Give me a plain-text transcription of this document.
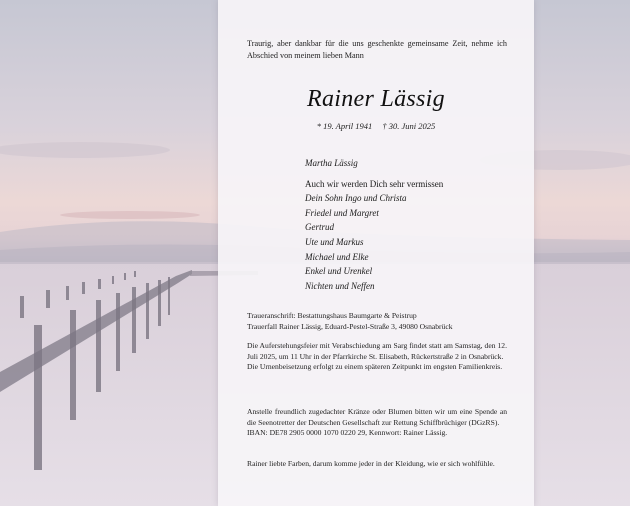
Traurig, aber dankbar für die uns geschenkte gemeinsame Zeit, nehme ich Abschied von meinem lieben Mann
Rainer Lässig
* 19. April 1941 † 30. Juni 2025
Martha Lässig
Auch wir werden Dich sehr vermissen
Dein Sohn Ingo und Christa
Friedel und Margret
Gertrud
Ute und Markus
Michael und Elke
Enkel und Urenkel
Nichten und Neffen

Traueranschrift: Bestattungshaus Baumgarte & Peistrup

Trauerfall Rainer Lässig, Eduard-Pestel-Straße 3, 49080 Osnabrück

Die Auferstehungsfeier mit Verabschiedung am Sarg findet statt am Samstag, den 12. Juli 2025, um 11 Uhr in der Pfarrkirche St. Elisabeth, Rückertstraße 2 in Osnabrück.

Die Urnenbeisetzung erfolgt zu einem späteren Zeitpunkt im engsten Familienkreis.

Anstelle freundlich zugedachter Kränze oder Blumen bitten wir um eine Spende an die Seenotretter der Deutschen Gesellschaft zur Rettung Schiffbrüchiger (DGzRS).

IBAN: DE78 2905 0000 1070 0220 29, Kennwort: Rainer Lässig.

Rainer liebte Farben, darum komme jeder in der Kleidung, wie er sich wohlfühle.
